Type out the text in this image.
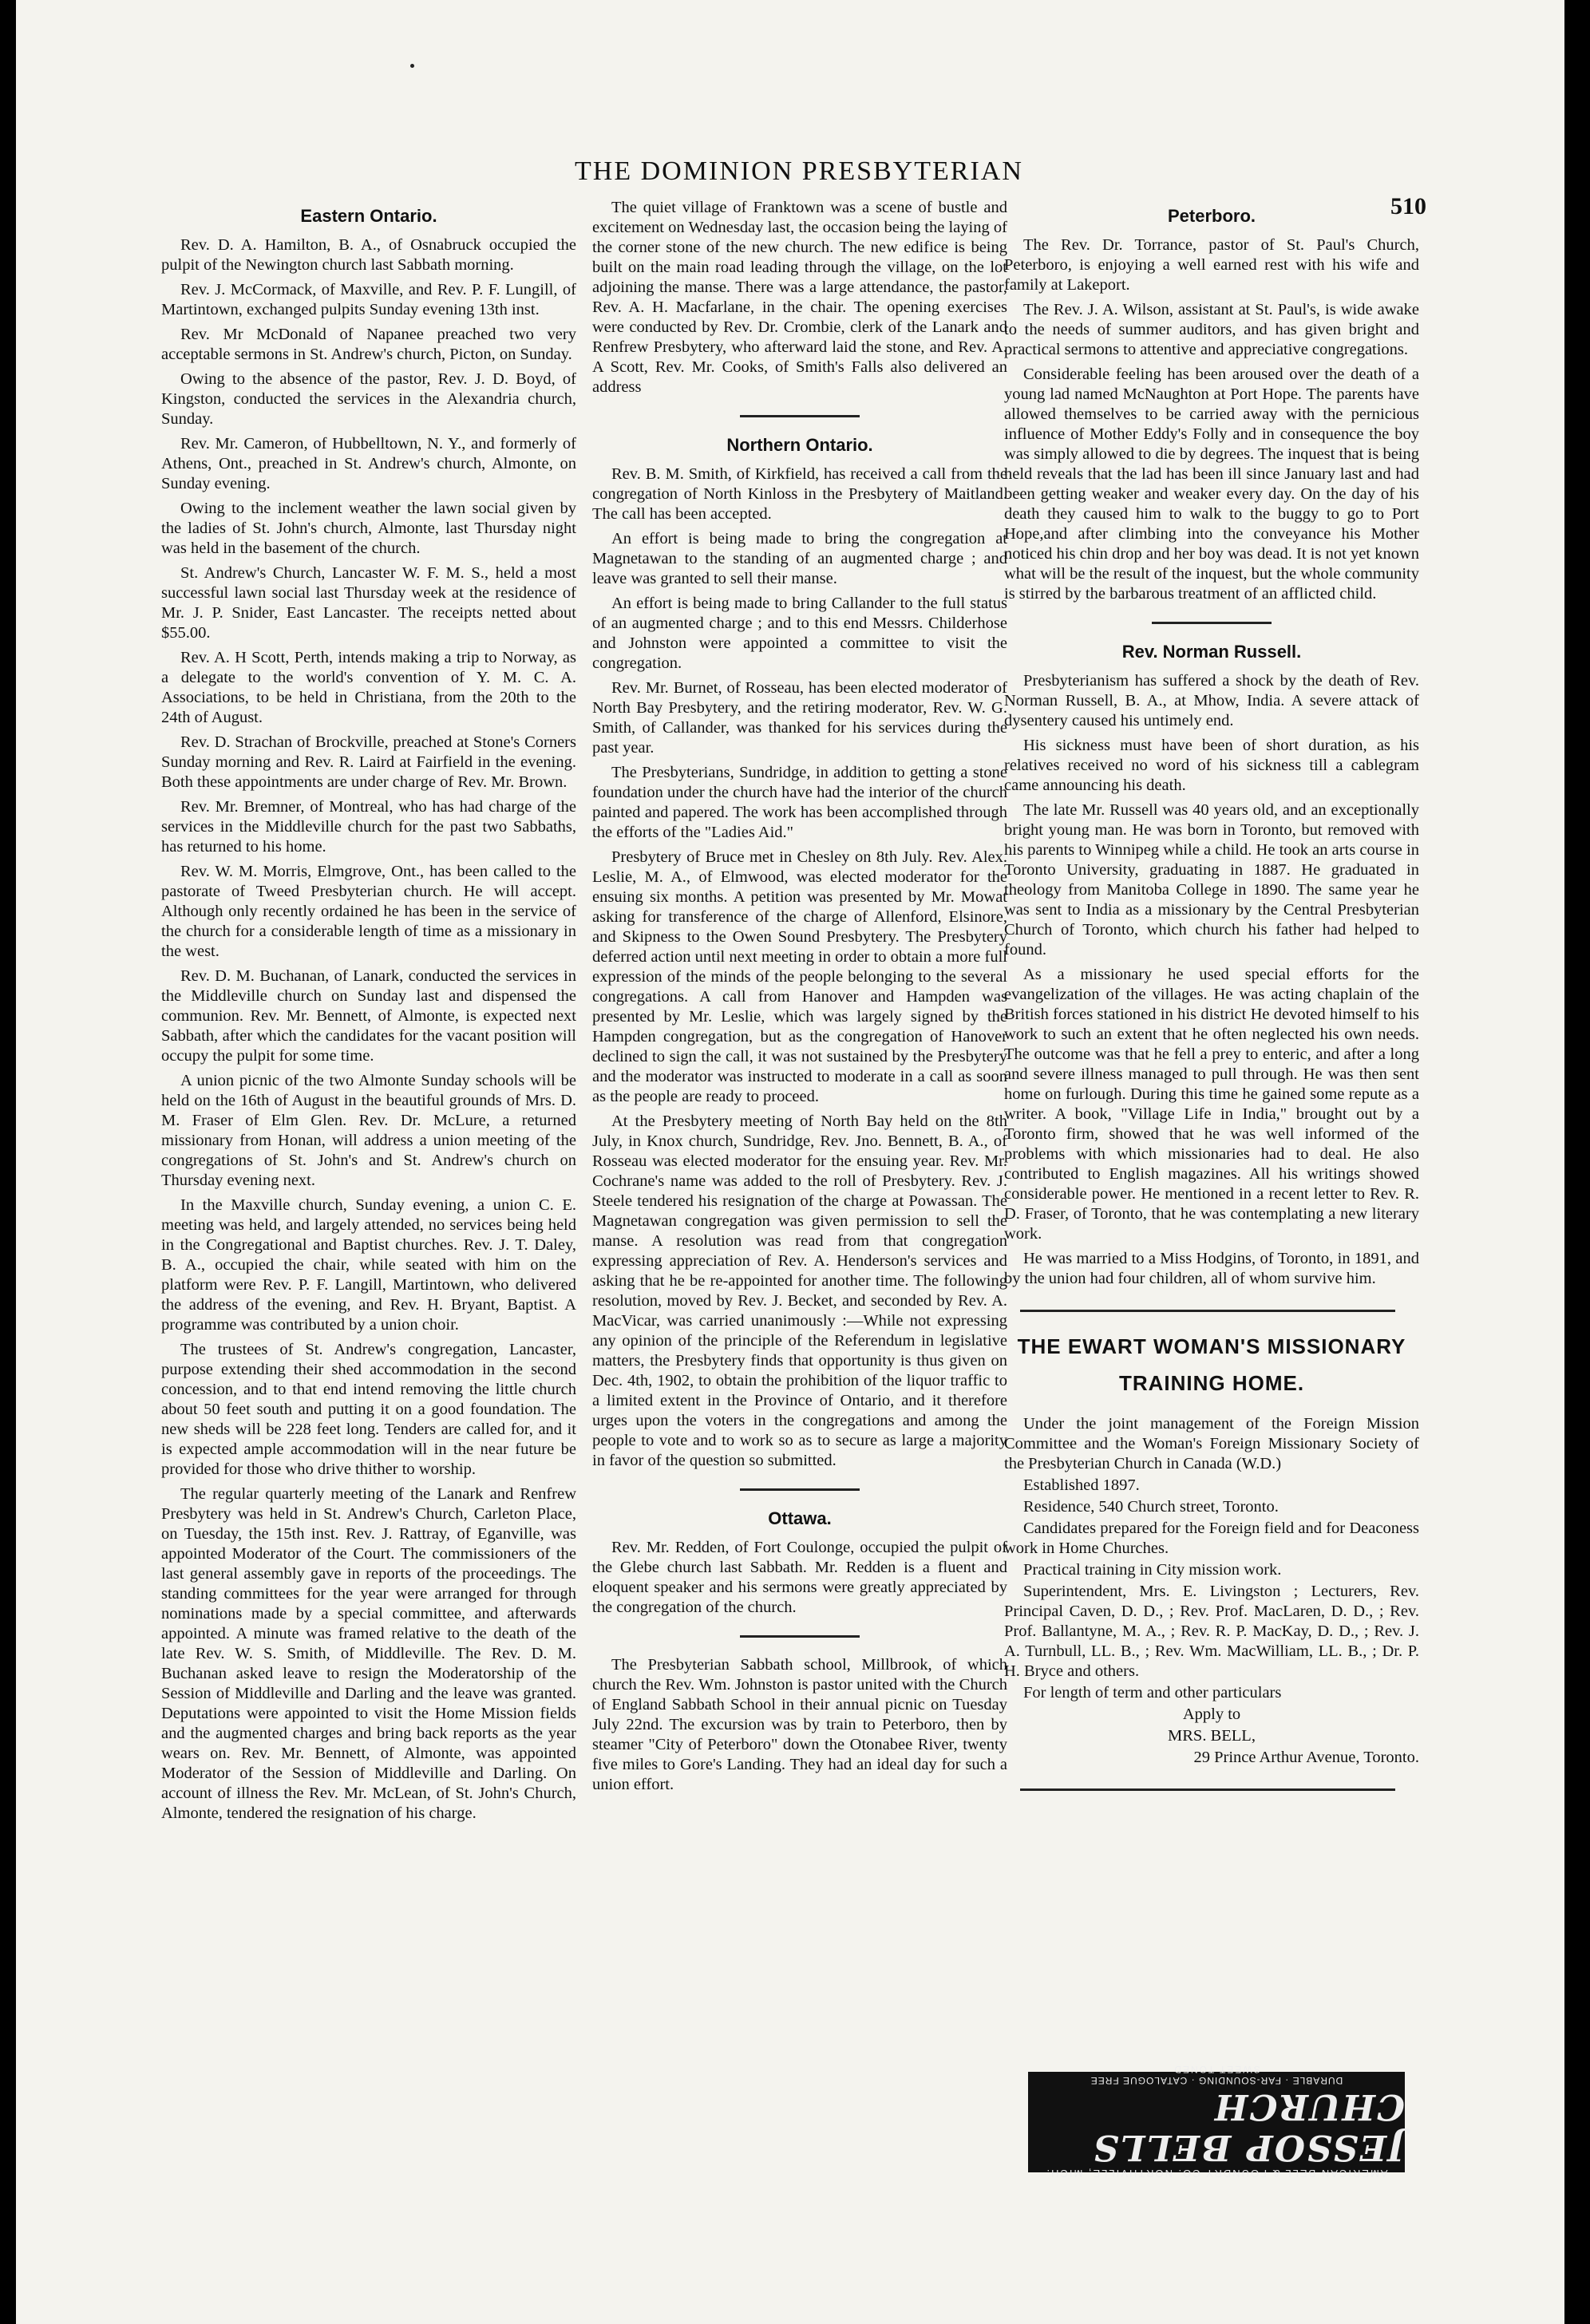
THE DOMINION PRESBYTERIAN
510
Eastern Ontario.

Rev. D. A. Hamilton, B. A., of Osnabruck occupied the pulpit of the Newington church last Sabbath morning.

Rev. J. McCormack, of Maxville, and Rev. P. F. Lungill, of Martintown, exchanged pulpits Sunday evening 13th inst.

Rev. Mr McDonald of Napanee preached two very acceptable sermons in St. Andrew's church, Picton, on Sunday.

Owing to the absence of the pastor, Rev. J. D. Boyd, of Kingston, conducted the services in the Alexandria church, Sunday.

Rev. Mr. Cameron, of Hubbelltown, N. Y., and formerly of Athens, Ont., preached in St. Andrew's church, Almonte, on Sunday evening.

Owing to the inclement weather the lawn social given by the ladies of St. John's church, Almonte, last Thursday night was held in the basement of the church.

St. Andrew's Church, Lancaster W. F. M. S., held a most successful lawn social last Thursday week at the residence of Mr. J. P. Snider, East Lancaster. The receipts netted about $55.00.

Rev. A. H Scott, Perth, intends making a trip to Norway, as a delegate to the world's convention of Y. M. C. A. Associations, to be held in Christiana, from the 20th to the 24th of August.

Rev. D. Strachan of Brockville, preached at Stone's Corners Sunday morning and Rev. R. Laird at Fairfield in the evening. Both these appointments are under charge of Rev. Mr. Brown.

Rev. Mr. Bremner, of Montreal, who has had charge of the services in the Middleville church for the past two Sabbaths, has returned to his home.

Rev. W. M. Morris, Elmgrove, Ont., has been called to the pastorate of Tweed Presbyterian church. He will accept. Although only recently ordained he has been in the service of the church for a considerable length of time as a missionary in the west.

Rev. D. M. Buchanan, of Lanark, conducted the services in the Middleville church on Sunday last and dispensed the communion. Rev. Mr. Bennett, of Almonte, is expected next Sabbath, after which the candidates for the vacant position will occupy the pulpit for some time.

A union picnic of the two Almonte Sunday schools will be held on the 16th of August in the beautiful grounds of Mrs. D. M. Fraser of Elm Glen. Rev. Dr. McLure, a returned missionary from Honan, will address a union meeting of the congregations of St. John's and St. Andrew's church on Thursday evening next.

In the Maxville church, Sunday evening, a union C. E. meeting was held, and largely attended, no services being held in the Congregational and Baptist churches. Rev. J. T. Daley, B. A., occupied the chair, while seated with him on the platform were Rev. P. F. Langill, Martintown, who delivered the address of the evening, and Rev. H. Bryant, Baptist. A programme was contributed by a union choir.

The trustees of St. Andrew's congregation, Lancaster, purpose extending their shed accommodation in the second concession, and to that end intend removing the little church about 50 feet south and putting it on a good foundation. The new sheds will be 228 feet long. Tenders are called for, and it is expected ample accommodation will in the near future be provided for those who drive thither to worship.

The regular quarterly meeting of the Lanark and Renfrew Presbytery was held in St. Andrew's Church, Carleton Place, on Tuesday, the 15th inst. Rev. J. Rattray, of Eganville, was appointed Moderator of the Court. The commissioners of the last general assembly gave in reports of the proceedings. The standing committees for the year were arranged for through nominations made by a special committee, and afterwards appointed. A minute was framed relative to the death of the late Rev. W. S. Smith, of Middleville. The Rev. D. M. Buchanan asked leave to resign the Moderatorship of the Session of Middleville and Darling and the leave was granted. Deputations were appointed to visit the Home Mission fields and the augmented charges and bring back reports as the year wears on. Rev. Mr. Bennett, of Almonte, was appointed Moderator of the Session of Middleville and Darling. On account of illness the Rev. Mr. McLean, of St. John's Church, Almonte, tendered the resignation of his charge.

The quiet village of Franktown was a scene of bustle and excitement on Wednesday last, the occasion being the laying of the corner stone of the new church. The new edifice is being built on the main road leading through the village, on the lot adjoining the manse. There was a large attendance, the pastor, Rev. A. H. Macfarlane, in the chair. The opening exercises were conducted by Rev. Dr. Crombie, clerk of the Lanark and Renfrew Presbytery, who afterward laid the stone, and Rev. A. A Scott, Rev. Mr. Cooks, of Smith's Falls also delivered an address

Northern Ontario.

Rev. B. M. Smith, of Kirkfield, has received a call from the congregation of North Kinloss in the Presbytery of Maitland. The call has been accepted.

An effort is being made to bring the congregation at Magnetawan to the standing of an augmented charge ; and leave was granted to sell their manse.

An effort is being made to bring Callander to the full status of an augmented charge ; and to this end Messrs. Childerhose and Johnston were appointed a committee to visit the congregation.

Rev. Mr. Burnet, of Rosseau, has been elected moderator of North Bay Presbytery, and the retiring moderator, Rev. W. G. Smith, of Callander, was thanked for his services during the past year.

The Presbyterians, Sundridge, in addition to getting a stone foundation under the church have had the interior of the church painted and papered. The work has been accomplished through the efforts of the "Ladies Aid."

Presbytery of Bruce met in Chesley on 8th July. Rev. Alex. Leslie, M. A., of Elmwood, was elected moderator for the ensuing six months. A petition was presented by Mr. Mowat asking for transference of the charge of Allenford, Elsinore, and Skipness to the Owen Sound Presbytery. The Presbytery deferred action until next meeting in order to obtain a more full expression of the minds of the people belonging to the several congregations. A call from Hanover and Hampden was presented by Mr. Leslie, which was largely signed by the Hampden congregation, but as the congregation of Hanover declined to sign the call, it was not sustained by the Presbytery and the moderator was instructed to moderate in a call as soon as the people are ready to proceed.

At the Presbytery meeting of North Bay held on the 8th July, in Knox church, Sundridge, Rev. Jno. Bennett, B. A., of Rosseau was elected moderator for the ensuing year. Rev. Mr. Cochrane's name was added to the roll of Presbytery. Rev. J. Steele tendered his resignation of the charge at Powassan. The Magnetawan congregation was given permission to sell the manse. A resolution was read from that congregation expressing appreciation of Rev. A. Henderson's services and asking that he be re-appointed for another time. The following resolution, moved by Rev. J. Becket, and seconded by Rev. A. MacVicar, was carried unanimously :—While not expressing any opinion of the principle of the Referendum in legislative matters, the Presbytery finds that opportunity is thus given on Dec. 4th, 1902, to obtain the prohibition of the liquor traffic to a limited extent in the Province of Ontario, and it therefore urges upon the voters in the congregations and among the people to vote and to work so as to secure as large a majority in favor of the question so submitted.

Ottawa.

Rev. Mr. Redden, of Fort Coulonge, occupied the pulpit of the Glebe church last Sabbath. Mr. Redden is a fluent and eloquent speaker and his sermons were greatly appreciated by the congregation of the church.

The Presbyterian Sabbath school, Millbrook, of which church the Rev. Wm. Johnston is pastor united with the Church of England Sabbath School in their annual picnic on Tuesday July 22nd. The excursion was by train to Peterboro, then by steamer "City of Peterboro" down the Otonabee River, twenty five miles to Gore's Landing. They had an ideal day for such a union effort.

Peterboro.

The Rev. Dr. Torrance, pastor of St. Paul's Church, Peterboro, is enjoying a well earned rest with his wife and family at Lakeport.

The Rev. J. A. Wilson, assistant at St. Paul's, is wide awake to the needs of summer auditors, and has given bright and practical sermons to attentive and appreciative congregations.

Considerable feeling has been aroused over the death of a young lad named McNaughton at Port Hope. The parents have allowed themselves to be carried away with the pernicious influence of Mother Eddy's Folly and in consequence the boy was simply allowed to die by degrees. The inquest that is being held reveals that the lad has been ill since January last and had been getting weaker and weaker every day. On the day of his death they caused him to walk to the buggy to go to Port Hope,and after climbing into the conveyance his Mother noticed his chin drop and her boy was dead. It is not yet known what will be the result of the inquest, but the whole community is stirred by the barbarous treatment of an afflicted child.

Rev. Norman Russell.

Presbyterianism has suffered a shock by the death of Rev. Norman Russell, B. A., at Mhow, India. A severe attack of dysentery caused his untimely end.

His sickness must have been of short duration, as his relatives received no word of his sickness till a cablegram came announcing his death.

The late Mr. Russell was 40 years old, and an exceptionally bright young man. He was born in Toronto, but removed with his parents to Winnipeg while a child. He took an arts course in Toronto University, graduating in 1887. He graduated in theology from Manitoba College in 1890. The same year he was sent to India as a missionary by the Central Presbyterian Church of Toronto, which church his father had helped to found.

As a missionary he used special efforts for the evangelization of the villages. He was acting chaplain of the British forces stationed in his district He devoted himself to his work to such an extent that he often neglected his own needs. The outcome was that he fell a prey to enteric, and after a long and severe illness managed to pull through. He was then sent home on furlough. During this time he gained some repute as a writer. A book, "Village Life in India," brought out by a Toronto firm, showed that he was well informed of the problems with which missionaries had to deal. He also contributed to English magazines. All his writings showed considerable power. He mentioned in a recent letter to Rev. R. D. Fraser, of Toronto, that he was contemplating a new literary work.

He was married to a Miss Hodgins, of Toronto, in 1891, and by the union had four children, all of whom survive him.

THE EWART WOMAN'S MISSIONARY TRAINING HOME.

Under the joint management of the Foreign Mission Committee and the Woman's Foreign Missionary Society of the Presbyterian Church in Canada (W.D.)

Established 1897.

Residence, 540 Church street, Toronto.

Candidates prepared for the Foreign field and for Deaconess work in Home Churches.

Practical training in City mission work.

Superintendent, Mrs. E. Livingston ; Lecturers, Rev. Principal Caven, D. D., ; Rev. Prof. MacLaren, D. D., ; Rev. Prof. Ballantyne, M. A., ; Rev. R. P. MacKay, D. D., ; Rev. J. A. Turnbull, LL. B., ; Rev. Wm. MacWilliam, LL. B., ; Dr. P. H. Bryce and others.

For length of term and other particulars

Apply to

MRS. BELL,

29 Prince Arthur Avenue, Toronto.

AMERICAN BELL & FOUNDRY CO. NORTHVILLE, MICH.
JESSOP BELLS CHURCH
DURABLE · FAR-SOUNDING · CATALOGUE FREE
SWEET TONED
